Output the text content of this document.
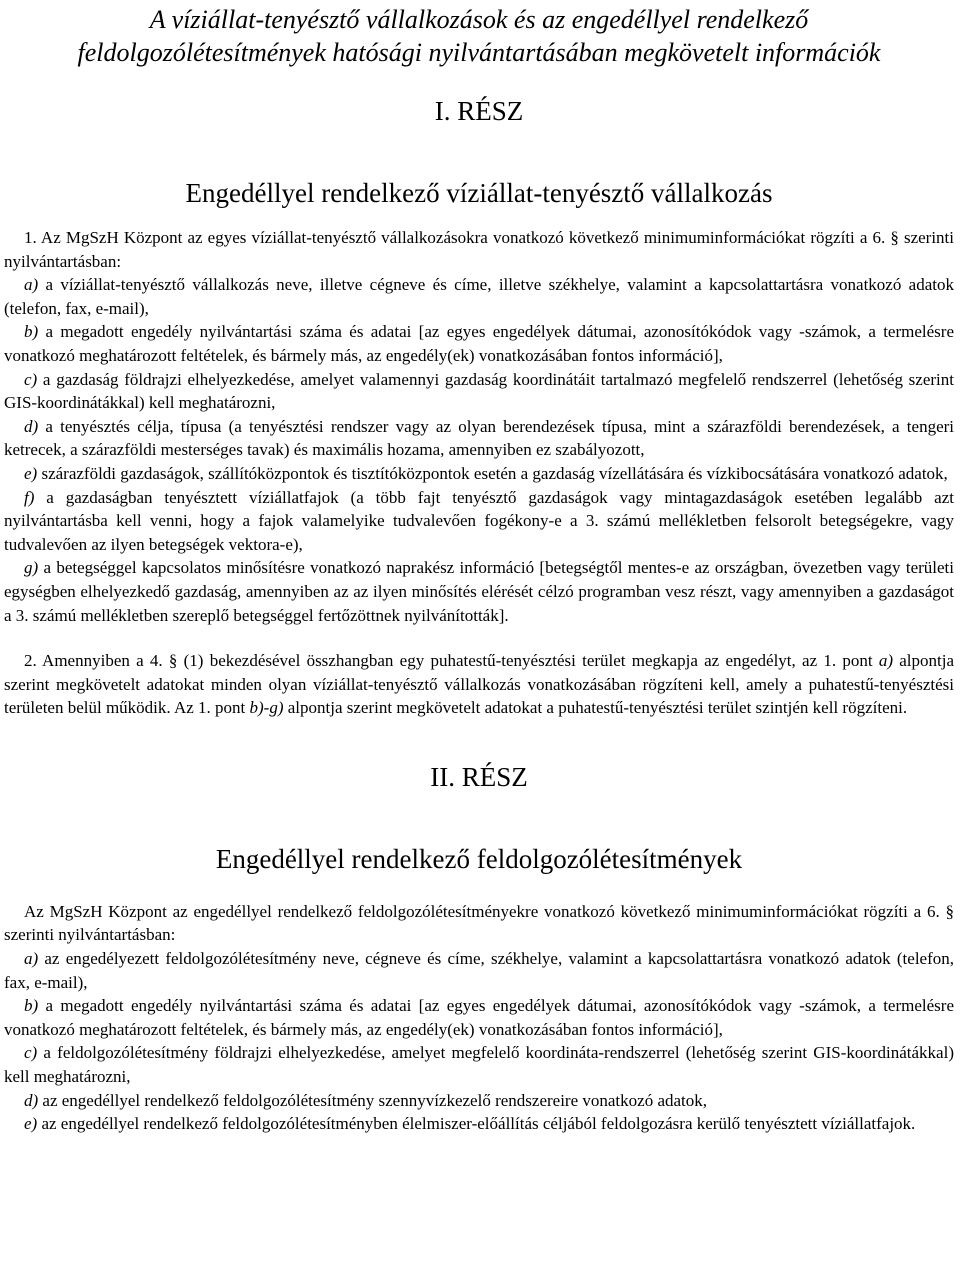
A víziállat-tenyésztő vállalkozások és az engedéllyel rendelkező
feldolgozólétesítmények hatósági nyilvántartásában megkövetelt információk
I. RÉSZ
Engedéllyel rendelkező víziállat-tenyésztő vállalkozás

1. Az MgSzH Központ az egyes víziállat-tenyésztő vállalkozásokra vonatkozó következő minimuminformációkat rögzíti a 6. § szerinti nyilvántartásban:

a) a víziállat-tenyésztő vállalkozás neve, illetve cégneve és címe, illetve székhelye, valamint a kapcsolattartásra vonatkozó adatok (telefon, fax, e-mail),

b) a megadott engedély nyilvántartási száma és adatai [az egyes engedélyek dátumai, azonosítókódok vagy -számok, a termelésre vonatkozó meghatározott feltételek, és bármely más, az engedély(ek) vonatkozásában fontos információ],

c) a gazdaság földrajzi elhelyezkedése, amelyet valamennyi gazdaság koordinátáit tartalmazó megfelelő rendszerrel (lehetőség szerint GIS-koordinátákkal) kell meghatározni,

d) a tenyésztés célja, típusa (a tenyésztési rendszer vagy az olyan berendezések típusa, mint a szárazföldi berendezések, a tengeri ketrecek, a szárazföldi mesterséges tavak) és maximális hozama, amennyiben ez szabályozott,

e) szárazföldi gazdaságok, szállítóközpontok és tisztítóközpontok esetén a gazdaság vízellátására és vízkibocsátására vonatkozó adatok,

f) a gazdaságban tenyésztett víziállatfajok (a több fajt tenyésztő gazdaságok vagy mintagazdaságok esetében legalább azt nyilvántartásba kell venni, hogy a fajok valamelyike tudvalevően fogékony-e a 3. számú mellékletben felsorolt betegségekre, vagy tudvalevően az ilyen betegségek vektora-e),

g) a betegséggel kapcsolatos minősítésre vonatkozó naprakész információ [betegségtől mentes-e az országban, övezetben vagy területi egységben elhelyezkedő gazdaság, amennyiben az az ilyen minősítés elérését célzó programban vesz részt, vagy amennyiben a gazdaságot a 3. számú mellékletben szereplő betegséggel fertőzöttnek nyilvánították].

2. Amennyiben a 4. § (1) bekezdésével összhangban egy puhatestű-tenyésztési terület megkapja az engedélyt, az 1. pont a) alpontja szerint megkövetelt adatokat minden olyan víziállat-tenyésztő vállalkozás vonatkozásában rögzíteni kell, amely a puhatestű-tenyésztési területen belül működik. Az 1. pont b)-g) alpontja szerint megkövetelt adatokat a puhatestű-tenyésztési terület szintjén kell rögzíteni.

II. RÉSZ
Engedéllyel rendelkező feldolgozólétesítmények

Az MgSzH Központ az engedéllyel rendelkező feldolgozólétesítményekre vonatkozó következő minimuminformációkat rögzíti a 6. § szerinti nyilvántartásban:

a) az engedélyezett feldolgozólétesítmény neve, cégneve és címe, székhelye, valamint a kapcsolattartásra vonatkozó adatok (telefon, fax, e-mail),

b) a megadott engedély nyilvántartási száma és adatai [az egyes engedélyek dátumai, azonosítókódok vagy -számok, a termelésre vonatkozó meghatározott feltételek, és bármely más, az engedély(ek) vonatkozásában fontos információ],

c) a feldolgozólétesítmény földrajzi elhelyezkedése, amelyet megfelelő koordináta-rendszerrel (lehetőség szerint GIS-koordinátákkal) kell meghatározni,

d) az engedéllyel rendelkező feldolgozólétesítmény szennyvízkezelő rendszereire vonatkozó adatok,

e) az engedéllyel rendelkező feldolgozólétesítményben élelmiszer-előállítás céljából feldolgozásra kerülő tenyésztett víziállatfajok.
